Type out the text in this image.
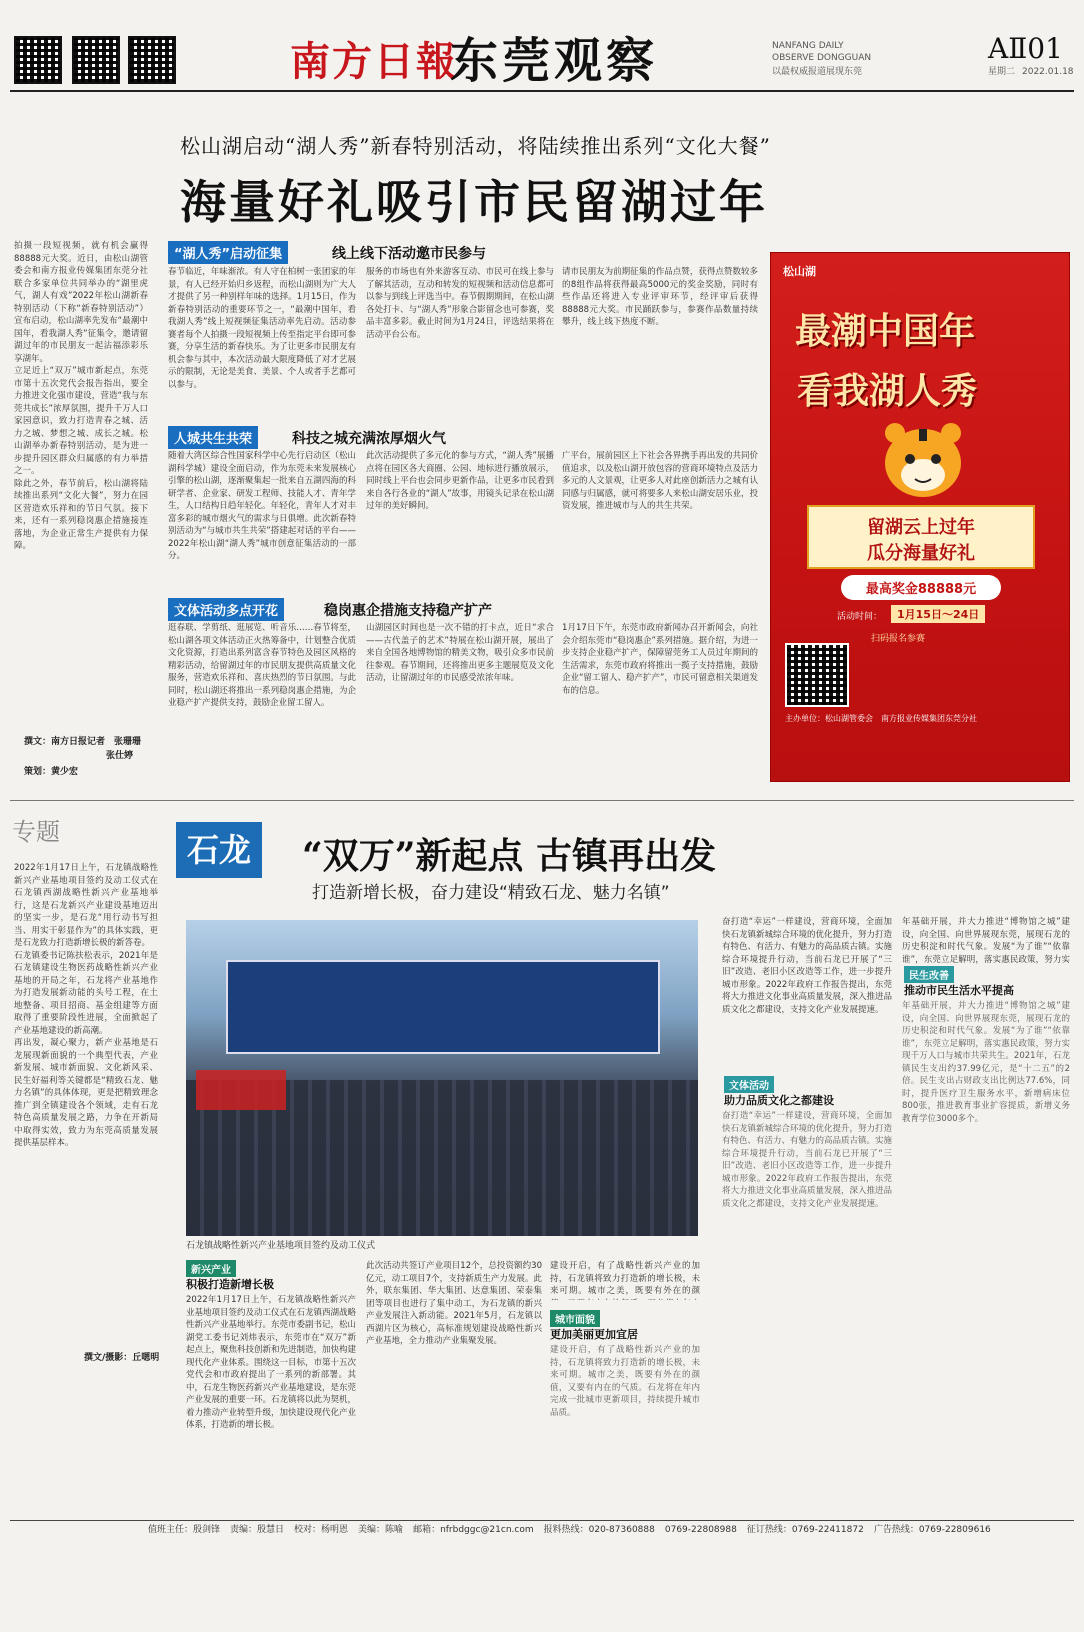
南方日報
东莞观察	NANFANG DAILY
OBSERVE DONGGUAN
以最权威报道展现东莞
AⅡ01
星期二 2022.01.18
松山湖启动“湖人秀”新春特别活动，将陆续推出系列“文化大餐”
海量好礼吸引市民留湖过年
拍摄一段短视频，就有机会赢得88888元大奖。近日，由松山湖管委会和南方报业传媒集团东莞分社联合多家单位共同举办的“湖里虎气，湖人有戏”2022年松山湖新春特别活动（下称“新春特别活动”）宣布启动，松山湖率先发布“最潮中国年，看我湖人秀”征集令，邀请留湖过年的市民朋友一起沾福添彩乐享湖年。
立足近上“双万”城市新起点，东莞市第十五次党代会报告指出，要全力推进文化强市建设，营造“我与东莞共成长”浓厚氛围，提升千万人口家园意识，致力打造青春之城、活力之城、梦想之城、成长之城。松山湖举办新春特别活动，是为进一步提升园区群众归属感的有力举措之一。
除此之外，春节前后，松山湖将陆续推出系列“文化大餐”，努力在园区营造欢乐祥和的节日气氛。接下来，还有一系列稳岗惠企措施接连落地，为企业正常生产提供有力保障。
撰文：南方日报记者　张珊珊
张仕婷
策划：黄少宏
“湖人秀”启动征集	线上线下活动邀市民参与
春节临近，年味渐浓。有人守在柏树一张团家的年景，有人已经开始归乡返程，而松山湖则为广大人才提供了另一种别样年味的选择。1月15日，作为新春特别活动的重要环节之一，“最潮中国年，看我湖人秀”线上短视频征集活动率先启动。活动参赛者每个人拍摄一段短视频上传至指定平台即可参赛，分享生活的新春快乐。为了让更多市民朋友有机会参与其中，本次活动最大限度降低了对才艺展示的限制，无论是美食、美景、个人或者手艺都可以参与。
服务的市场也有外来游客互动、市民可在线上参与了解其活动，互动和转发的短视频和活动信息都可以参与到线上评选当中。春节假期期间，在松山湖各处打卡、与“湖人秀”形象合影留念也可参赛，奖品丰富多彩。截止时间为1月24日，评选结果将在活动平台公布。
请市民朋友为前期征集的作品点赞，获得点赞数较多的8组作品将获得最高5000元的奖金奖励，同时有些作品还将进入专业评审环节，经评审后获得88888元大奖。市民踊跃参与，参赛作品数量持续攀升，线上线下热度不断。
人城共生共荣	科技之城充满浓厚烟火气
随着大湾区综合性国家科学中心先行启动区（松山湖科学城）建设全面启动，作为东莞未来发展核心引擎的松山湖，逐渐聚集起一批来自五湖四海的科研学者、企业家、研发工程师、技能人才、青年学生，人口结构日趋年轻化。年轻化，青年人才对丰富多彩的城市烟火气的需求与日俱增。此次新春特别活动为“与城市共生共荣”搭建起对话的平台——2022年松山湖“湖人秀”城市创意征集活动的一部分。
此次活动提供了多元化的参与方式，“湖人秀”展播点将在园区各大商圈、公园、地标进行播放展示，同时线上平台也会同步更新作品，让更多市民看到来自各行各业的“湖人”故事，用镜头记录在松山湖过年的美好瞬间。
广平台，展前园区上下社会各界携手再出发的共同价值追求，以及松山湖开放包容的营商环境特点及活力多元的人文景观，让更多人对此座创新活力之城有认同感与归属感，就可将要多人来松山湖安居乐业，投资发展，推进城市与人的共生共荣。
文体活动多点开花	稳岗惠企措施支持稳产扩产
逛春联、学剪纸、逛展览、听音乐……春节将至，松山湖各项文体活动正火热筹备中，计划整合优质文化资源，打造出系列富含春节特色及园区风格的精彩活动，给留湖过年的市民朋友提供高质量文化服务，营造欢乐祥和、喜庆热烈的节日氛围。与此同时，松山湖还将推出一系列稳岗惠企措施，为企业稳产扩产提供支持，鼓励企业留工留人。
山湖园区时间也是一次不错的打卡点，近日“求合——古代盖子的艺术”特展在松山湖开展，展出了来自全国各地博物馆的精美文物，吸引众多市民前往参观。春节期间，还将推出更多主题展览及文化活动，让留湖过年的市民感受浓浓年味。
1月17日下午，东莞市政府新闻办召开新闻会，向社会介绍东莞市“稳岗惠企”系列措施。据介绍，为进一步支持企业稳产扩产，保障留莞务工人员过年期间的生活需求，东莞市政府将推出一揽子支持措施，鼓励企业“留工留人、稳产扩产”，市民可留意相关渠道发布的信息。
松山湖
最潮中国年
看我湖人秀
留湖云上过年
瓜分海量好礼
最高奖金88888元
活动时间：	1月15日～24日
扫码报名参赛
主办单位：松山湖管委会　南方报业传媒集团东莞分社
专题	石龙	“双万”新起点 古镇再出发
打造新增长极，奋力建设“精致石龙、魅力名镇”
2022年1月17日上午，石龙镇战略性新兴产业基地项目签约及动工仪式在石龙镇西湖战略性新兴产业基地举行，这是石龙新兴产业建设基地迈出的坚实一步，是石龙“用行动书写担当、用实干彰显作为”的具体实践，更是石龙致力打造新增长极的新答卷。
石龙镇委书记陈扶松表示，2021年是石龙镇建设生物医药战略性新兴产业基地的开局之年，石龙将产业基地作为打造发展新动能的头号工程，在土地整备、项目招商、基金组建等方面取得了重要阶段性进展，全面掀起了产业基地建设的新高潮。
再出发，凝心聚力，新产业基地是石龙展现新面貌的一个典型代表，产业新发展、城市新面貌、文化新风采、民生好福利等关键都是“精致石龙、魅力名镇”的具体体现，更是把精致理念推广到全镇建设各个领域，走有石龙特色高质量发展之路，力争在开新局中取得实效，致力为东莞高质量发展提供基层样本。
撰文/摄影：丘嗯明
石龙镇战略性新兴产业基地项目签约及动工仪式
新兴产业
积极打造新增长极
2022年1月17日上午，石龙镇战略性新兴产业基地项目签约及动工仪式在石龙镇西湖战略性新兴产业基地举行。东莞市委副书记，松山湖党工委书记刘炜表示，东莞市在“双万”新起点上，聚焦科技创新和先进制造，加快构建现代化产业体系。围绕这一目标，市第十五次党代会和市政府提出了一系列的新部署。其中，石龙生物医药新兴产业基地建设，是东莞产业发展的重要一环。石龙镇将以此为契机，着力推动产业转型升级，加快建设现代化产业体系，打造新的增长极。
此次活动共签订产业项目12个，总投资额约30亿元，动工项目7个，支持新质生产力发展。此外，联东集团、华大集团、达意集团、荣泰集团等项目也进行了集中动工，为石龙镇的新兴产业发展注入新动能。2021年5月，石龙镇以西湖片区为核心，高标准规划建设战略性新兴产业基地，全力推动产业集聚发展。
建设开启，有了战略性新兴产业的加持，石龙镇将致力打造新的增长极，未来可期。城市之美，既要有外在的颜
城市面貌
更加美丽更加宜居
建设开启，有了战略性新兴产业的加持，石龙镇将致力打造新的增长极，未来可期。城市之美，既要有外在的颜值，又要有内在的气质。石龙将在年内完成一批城市更新项目，持续提升城市品质。
奋打造“幸运”一样建设，营商环境，全面加快石龙镇新城综合环境的优化提升，努力打造有特色、有活力、有魅力的高品质古镇。实施综合环境提升行动，当前石龙已开展了“三旧”改造、老旧小区改造等工作，进一步提升城市形象。2022年政府工作报告提出，东莞将大力推进文化事业高质量发展，深入推进品质文化之都建设，支持文化产业发展提速。
文体活动
助力品质文化之都建设
奋打造“幸运”一样建设，营商环境，全面加快石龙镇新城综合环境的优化提升，努力打造有特色、有活力、有魅力的高品质古镇。实施综合环境提升行动，当前石龙已开展了“三旧”改造、老旧小区改造等工作，进一步提升城市形象。2022年政府工作报告提出，东莞将大力推进文化事业高质量发展，深入推进品质文化之都建设，支持文化产业发展提速。
年基础开展，并大力推进“博物馆之城”建设，向全国、向世界展现东莞，展现石龙的历史积淀和时代气象。发展“为了谁”“依靠谁”，东莞立足解明，落实惠民政策，努力实
民生改善
推动市民生活水平提高
年基础开展，并大力推进“博物馆之城”建设，向全国、向世界展现东莞，展现石龙的历史积淀和时代气象。发展“为了谁”“依靠谁”，东莞立足解明，落实惠民政策，努力实现千万人口与城市共荣共生。2021年，石龙镇民生支出约37.99亿元，是“十二五”的2倍。民生支出占财政支出比例达77.6%，同时，提升医疗卫生服务水平，新增病床位800张，推进教育事业扩容提质，新增义务教育学位3000多个。
值班主任：殷剑锋 责编：殷慧日 校对：杨明恩 美编：陈喻 邮箱：nfrbdggc@21cn.com 报料热线：020-87360888 0769-22808988 征订热线：0769-22411872 广告热线：0769-22809616
